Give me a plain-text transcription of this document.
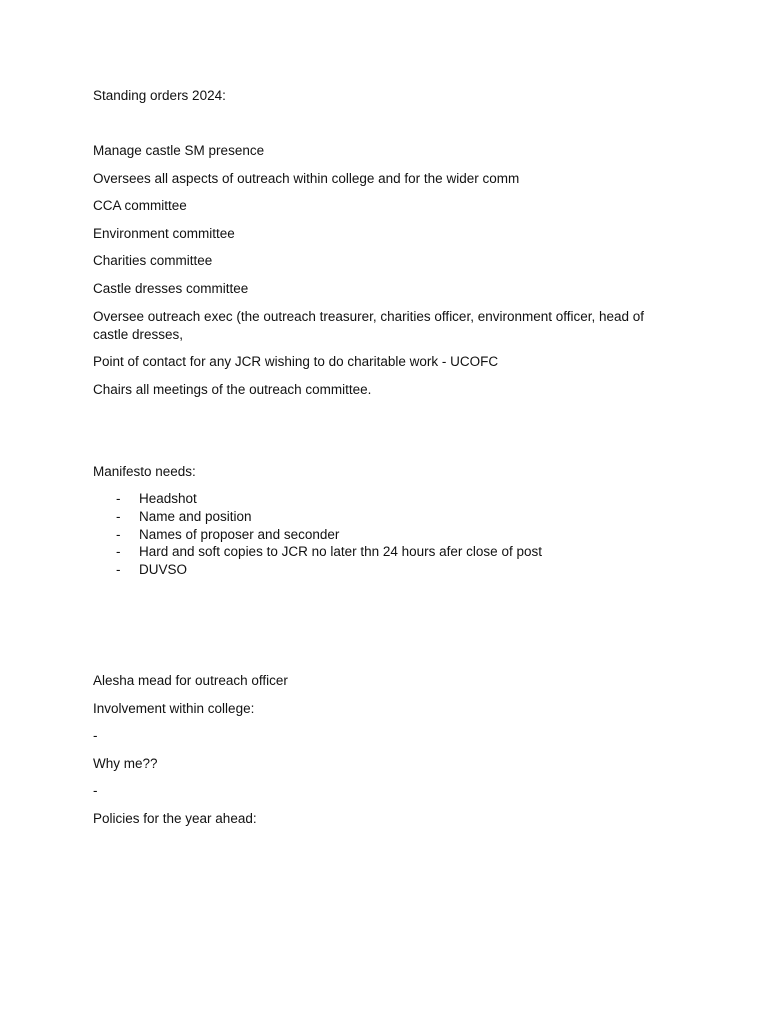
Standing orders 2024:

Manage castle SM presence

Oversees all aspects of outreach within college and for the wider comm

CCA committee

Environment committee

Charities committee

Castle dresses committee

Oversee outreach exec (the outreach treasurer, charities officer, environment officer, head of castle dresses,

Point of contact for any JCR wishing to do charitable work - UCOFC

Chairs all meetings of the outreach committee.

Manifesto needs:

- Headshot
- Name and position
- Names of proposer and seconder
- Hard and soft copies to JCR no later thn 24 hours afer close of post
- DUVSO

Alesha mead for outreach officer

Involvement within college:

-

Why me??

-

Policies for the year ahead:
